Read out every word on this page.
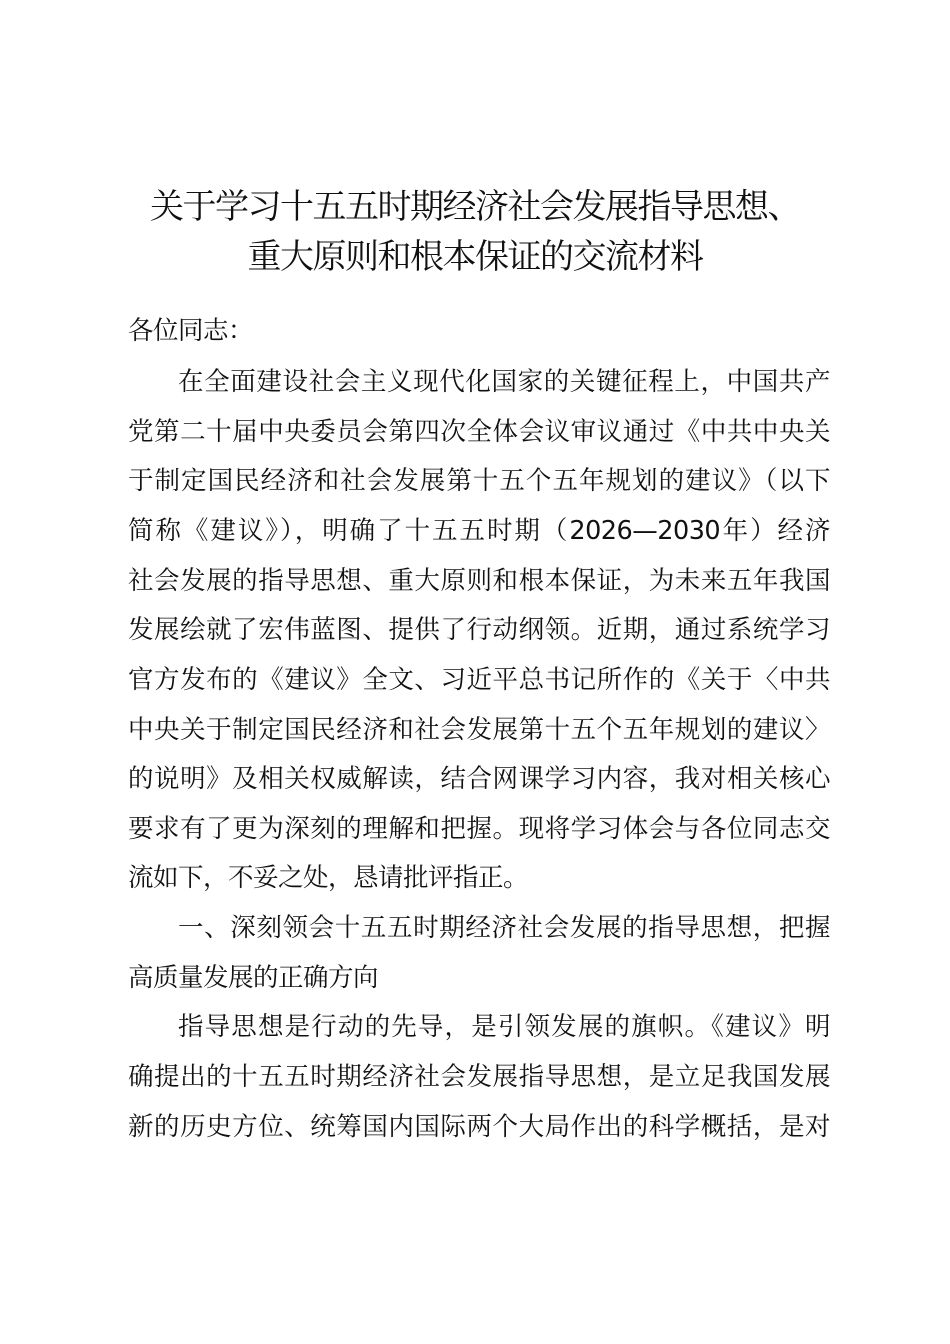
关于学习十五五时期经济社会发展指导思想、
重大原则和根本保证的交流材料
各位同志：
在全面建设社会主义现代化国家的关键征程上，中国共产
党第二十届中央委员会第四次全体会议审议通过《中共中央关
于制定国民经济和社会发展第十五个五年规划的建议》（以下
简称《建议》），明确了十五五时期（2026—2030年）经济
社会发展的指导思想、重大原则和根本保证，为未来五年我国
发展绘就了宏伟蓝图、提供了行动纲领。近期，通过系统学习
官方发布的《建议》全文、习近平总书记所作的《关于〈中共
中央关于制定国民经济和社会发展第十五个五年规划的建议〉
的说明》及相关权威解读，结合网课学习内容，我对相关核心
要求有了更为深刻的理解和把握。现将学习体会与各位同志交
流如下，不妥之处，恳请批评指正。
一、深刻领会十五五时期经济社会发展的指导思想，把握
高质量发展的正确方向
指导思想是行动的先导，是引领发展的旗帜。《建议》明
确提出的十五五时期经济社会发展指导思想，是立足我国发展
新的历史方位、统筹国内国际两个大局作出的科学概括，是对
